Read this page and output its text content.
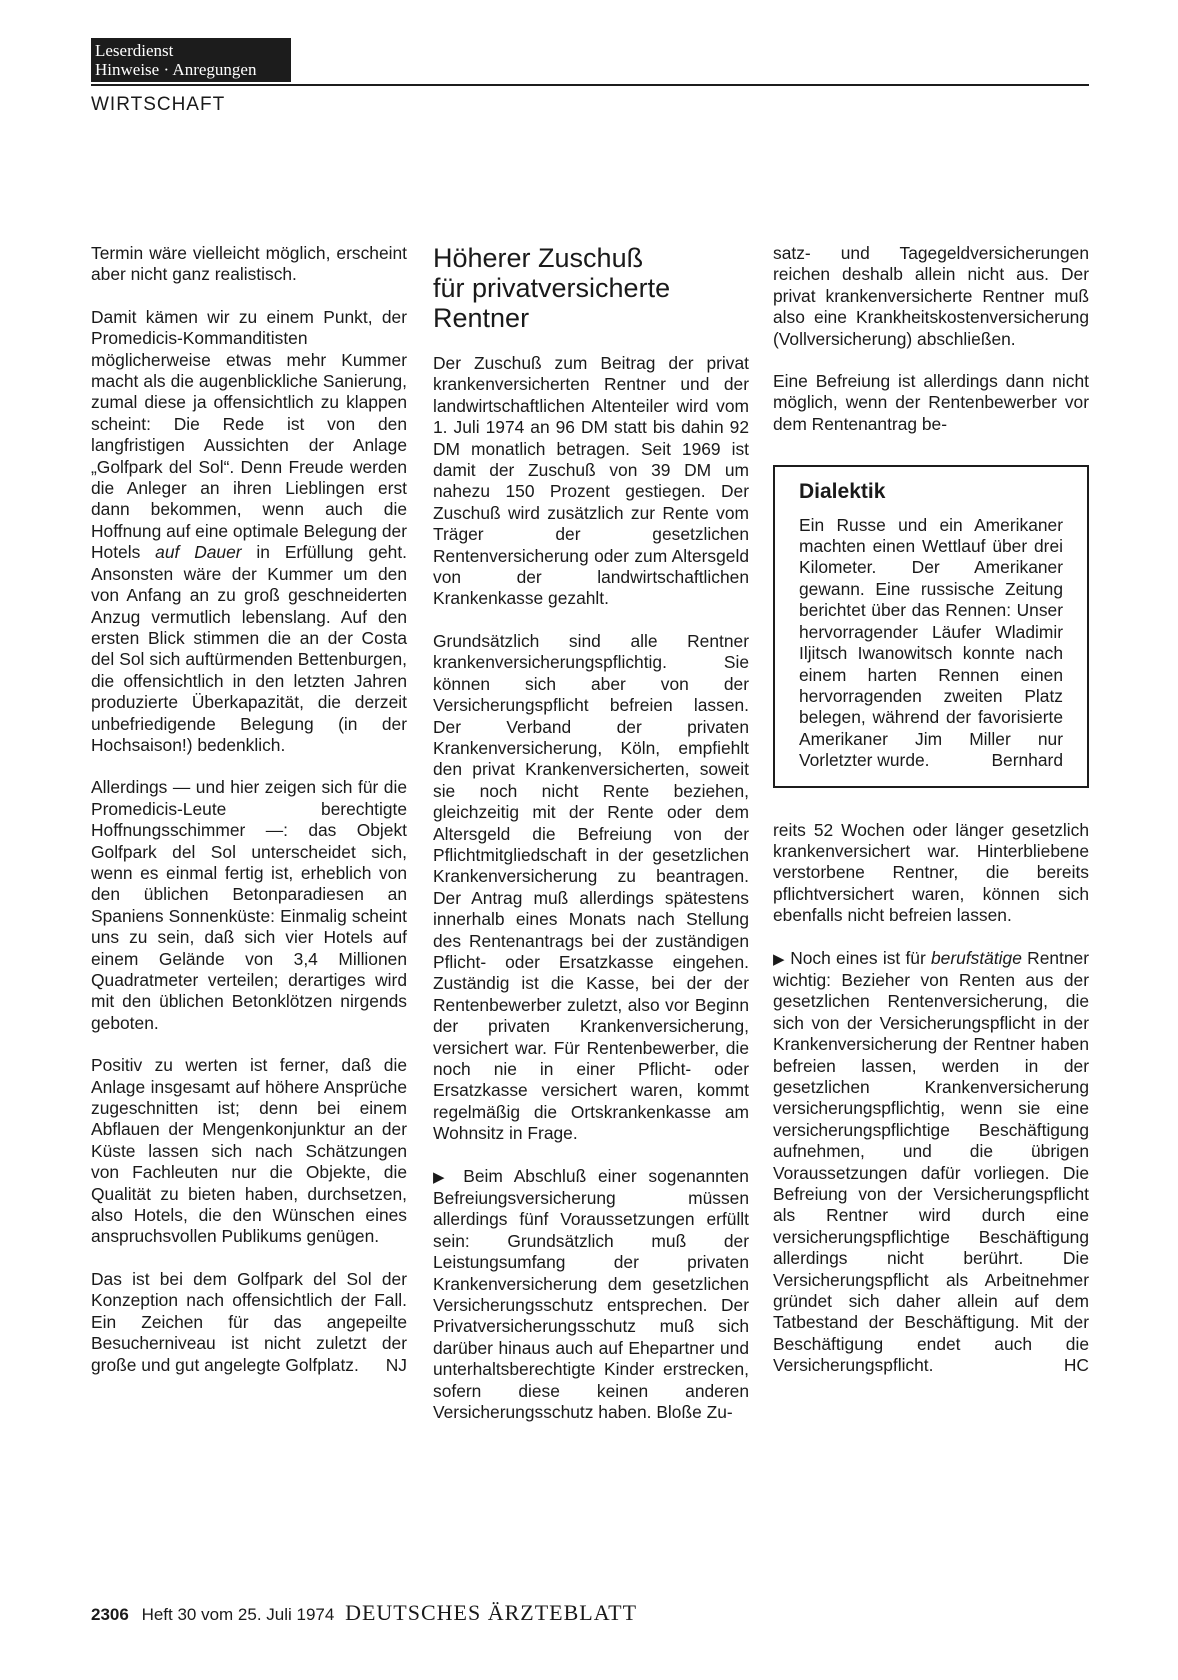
Leserdienst
Hinweise · Anregungen
WIRTSCHAFT

Termin wäre vielleicht möglich, erscheint aber nicht ganz realistisch.

Damit kämen wir zu einem Punkt, der Promedicis-Kommanditisten möglicherweise etwas mehr Kummer macht als die augenblickliche Sanierung, zumal diese ja offensichtlich zu klappen scheint: Die Rede ist von den langfristigen Aussichten der Anlage „Golfpark del Sol“. Denn Freude werden die Anleger an ihren Lieblingen erst dann bekommen, wenn auch die Hoffnung auf eine optimale Belegung der Hotels auf Dauer in Erfüllung geht. Ansonsten wäre der Kummer um den von Anfang an zu groß geschneiderten Anzug vermutlich lebenslang. Auf den ersten Blick stimmen die an der Costa del Sol sich auftürmenden Bettenburgen, die offensichtlich in den letzten Jahren produzierte Überkapazität, die derzeit unbefriedigende Belegung (in der Hochsaison!) bedenklich.

Allerdings — und hier zeigen sich für die Promedicis-Leute berechtigte Hoffnungsschimmer —: das Objekt Golfpark del Sol unterscheidet sich, wenn es einmal fertig ist, erheblich von den üblichen Betonparadiesen an Spaniens Sonnenküste: Einmalig scheint uns zu sein, daß sich vier Hotels auf einem Gelände von 3,4 Millionen Quadratmeter verteilen; derartiges wird mit den üblichen Betonklötzen nirgends geboten.

Positiv zu werten ist ferner, daß die Anlage insgesamt auf höhere Ansprüche zugeschnitten ist; denn bei einem Abflauen der Mengenkonjunktur an der Küste lassen sich nach Schätzungen von Fachleuten nur die Objekte, die Qualität zu bieten haben, durchsetzen, also Hotels, die den Wünschen eines anspruchsvollen Publikums genügen.

Das ist bei dem Golfpark del Sol der Konzeption nach offensichtlich der Fall. Ein Zeichen für das angepeilte Besucherniveau ist nicht zuletzt der große und gut angelegte Golfplatz. NJ

Höherer Zuschuß
für privatversicherte
Rentner

Der Zuschuß zum Beitrag der privat krankenversicherten Rentner und der landwirtschaftlichen Altenteiler wird vom 1. Juli 1974 an 96 DM statt bis dahin 92 DM monatlich betragen. Seit 1969 ist damit der Zuschuß von 39 DM um nahezu 150 Prozent gestiegen. Der Zuschuß wird zusätzlich zur Rente vom Träger der gesetzlichen Rentenversicherung oder zum Altersgeld von der landwirtschaftlichen Krankenkasse gezahlt.

Grundsätzlich sind alle Rentner krankenversicherungspflichtig. Sie können sich aber von der Versicherungspflicht befreien lassen. Der Verband der privaten Krankenversicherung, Köln, empfiehlt den privat Krankenversicherten, soweit sie noch nicht Rente beziehen, gleichzeitig mit der Rente oder dem Altersgeld die Befreiung von der Pflichtmitgliedschaft in der gesetzlichen Krankenversicherung zu beantragen. Der Antrag muß allerdings spätestens innerhalb eines Monats nach Stellung des Rentenantrags bei der zuständigen Pflicht- oder Ersatzkasse eingehen. Zuständig ist die Kasse, bei der der Rentenbewerber zuletzt, also vor Beginn der privaten Krankenversicherung, versichert war. Für Rentenbewerber, die noch nie in einer Pflicht- oder Ersatzkasse versichert waren, kommt regelmäßig die Ortskrankenkasse am Wohnsitz in Frage.

▶ Beim Abschluß einer sogenannten Befreiungsversicherung müssen allerdings fünf Voraussetzungen erfüllt sein: Grundsätzlich muß der Leistungsumfang der privaten Krankenversicherung dem gesetzlichen Versicherungsschutz entsprechen. Der Privatversicherungsschutz muß sich darüber hinaus auch auf Ehepartner und unterhaltsberechtigte Kinder erstrecken, sofern diese keinen anderen Versicherungsschutz haben. Bloße Zu-

satz- und Tagegeldversicherungen reichen deshalb allein nicht aus. Der privat krankenversicherte Rentner muß also eine Krankheitskostenversicherung (Vollversicherung) abschließen.

Eine Befreiung ist allerdings dann nicht möglich, wenn der Rentenbewerber vor dem Rentenantrag be-

Dialektik

Ein Russe und ein Amerikaner machten einen Wettlauf über drei Kilometer. Der Amerikaner gewann. Eine russische Zeitung berichtet über das Rennen: Unser hervorragender Läufer Wladimir Iljitsch Iwanowitsch konnte nach einem harten Rennen einen hervorragenden zweiten Platz belegen, während der favorisierte Amerikaner Jim Miller nur Vorletzter wurde.	Bernhard

reits 52 Wochen oder länger gesetzlich krankenversichert war. Hinterbliebene verstorbene Rentner, die bereits pflichtversichert waren, können sich ebenfalls nicht befreien lassen.

▶ Noch eines ist für berufstätige Rentner wichtig: Bezieher von Renten aus der gesetzlichen Rentenversicherung, die sich von der Versicherungspflicht in der Krankenversicherung der Rentner haben befreien lassen, werden in der gesetzlichen Krankenversicherung versicherungspflichtig, wenn sie eine versicherungspflichtige Beschäftigung aufnehmen, und die übrigen Voraussetzungen dafür vorliegen. Die Befreiung von der Versicherungspflicht als Rentner wird durch eine versicherungspflichtige Beschäftigung allerdings nicht berührt. Die Versicherungspflicht als Arbeitnehmer gründet sich daher allein auf dem Tatbestand der Beschäftigung. Mit der Beschäftigung endet auch die Versicherungspflicht.	HC

2306 Heft 30 vom 25. Juli 1974 DEUTSCHES ÄRZTEBLATT
